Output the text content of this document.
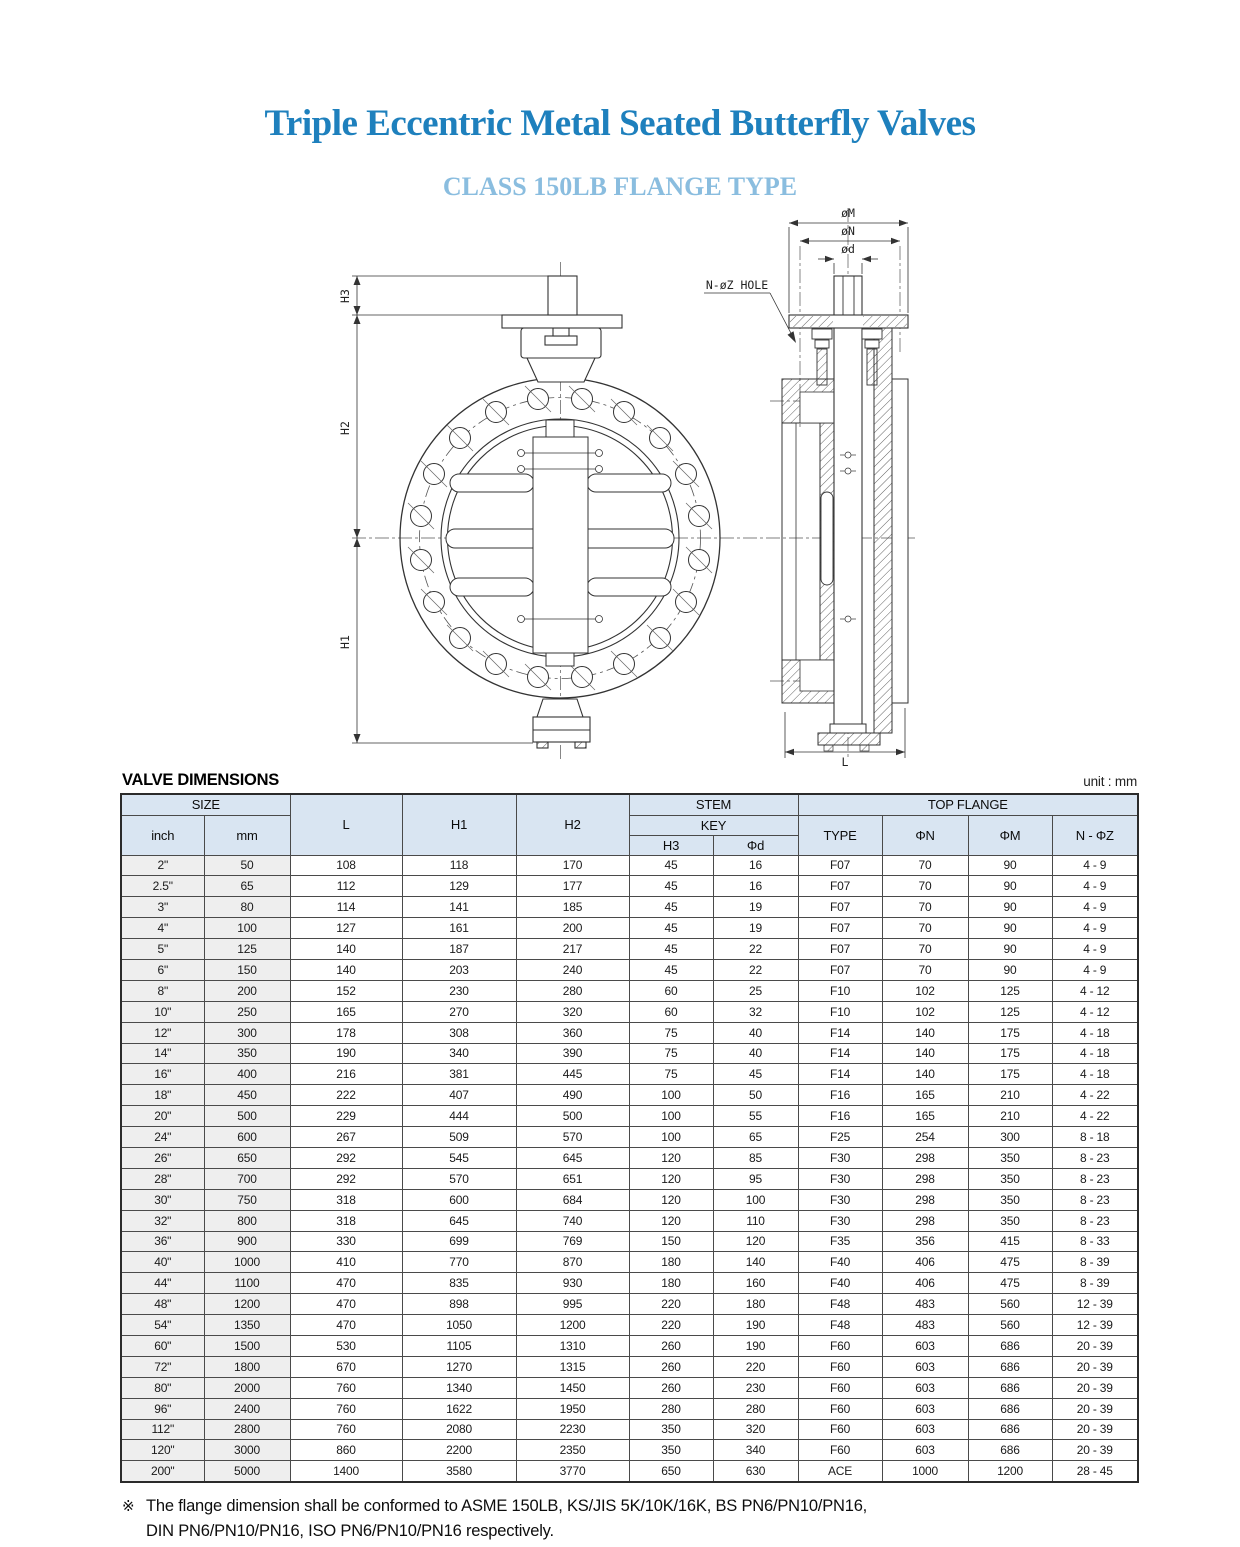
Triple Eccentric Metal Seated Butterfly Valves
CLASS 150LB FLANGE TYPE
H3
H2
H1
øM
øN
ød
N-øZ HOLE
L
VALVE DIMENSIONS	unit : mm
SIZE		L	H1	H2	STEM		TOP FLANGE			
inch	mm				KEY		TYPE	ΦN	ΦM	N - ΦZ
					H3	Φd				
2"	50	108	118	170	45	16	F07	70	90	4 - 9
2.5"	65	112	129	177	45	16	F07	70	90	4 - 9
3"	80	114	141	185	45	19	F07	70	90	4 - 9
4"	100	127	161	200	45	19	F07	70	90	4 - 9
5"	125	140	187	217	45	22	F07	70	90	4 - 9
6"	150	140	203	240	45	22	F07	70	90	4 - 9
8"	200	152	230	280	60	25	F10	102	125	4 - 12
10"	250	165	270	320	60	32	F10	102	125	4 - 12
12"	300	178	308	360	75	40	F14	140	175	4 - 18
14"	350	190	340	390	75	40	F14	140	175	4 - 18
16"	400	216	381	445	75	45	F14	140	175	4 - 18
18"	450	222	407	490	100	50	F16	165	210	4 - 22
20"	500	229	444	500	100	55	F16	165	210	4 - 22
24"	600	267	509	570	100	65	F25	254	300	8 - 18
26"	650	292	545	645	120	85	F30	298	350	8 - 23
28"	700	292	570	651	120	95	F30	298	350	8 - 23
30"	750	318	600	684	120	100	F30	298	350	8 - 23
32"	800	318	645	740	120	110	F30	298	350	8 - 23
36"	900	330	699	769	150	120	F35	356	415	8 - 33
40"	1000	410	770	870	180	140	F40	406	475	8 - 39
44"	1100	470	835	930	180	160	F40	406	475	8 - 39
48"	1200	470	898	995	220	180	F48	483	560	12 - 39
54"	1350	470	1050	1200	220	190	F48	483	560	12 - 39
60"	1500	530	1105	1310	260	190	F60	603	686	20 - 39
72"	1800	670	1270	1315	260	220	F60	603	686	20 - 39
80"	2000	760	1340	1450	260	230	F60	603	686	20 - 39
96"	2400	760	1622	1950	280	280	F60	603	686	20 - 39
112"	2800	760	2080	2230	350	320	F60	603	686	20 - 39
120"	3000	860	2200	2350	350	340	F60	603	686	20 - 39
200"	5000	1400	3580	3770	650	630	ACE	1000	1200	28 - 45
※ The flange dimension shall be conformed to ASME 150LB, KS/JIS 5K/10K/16K, BS PN6/PN10/PN16,
DIN PN6/PN10/PN16, ISO PN6/PN10/PN16 respectively.
